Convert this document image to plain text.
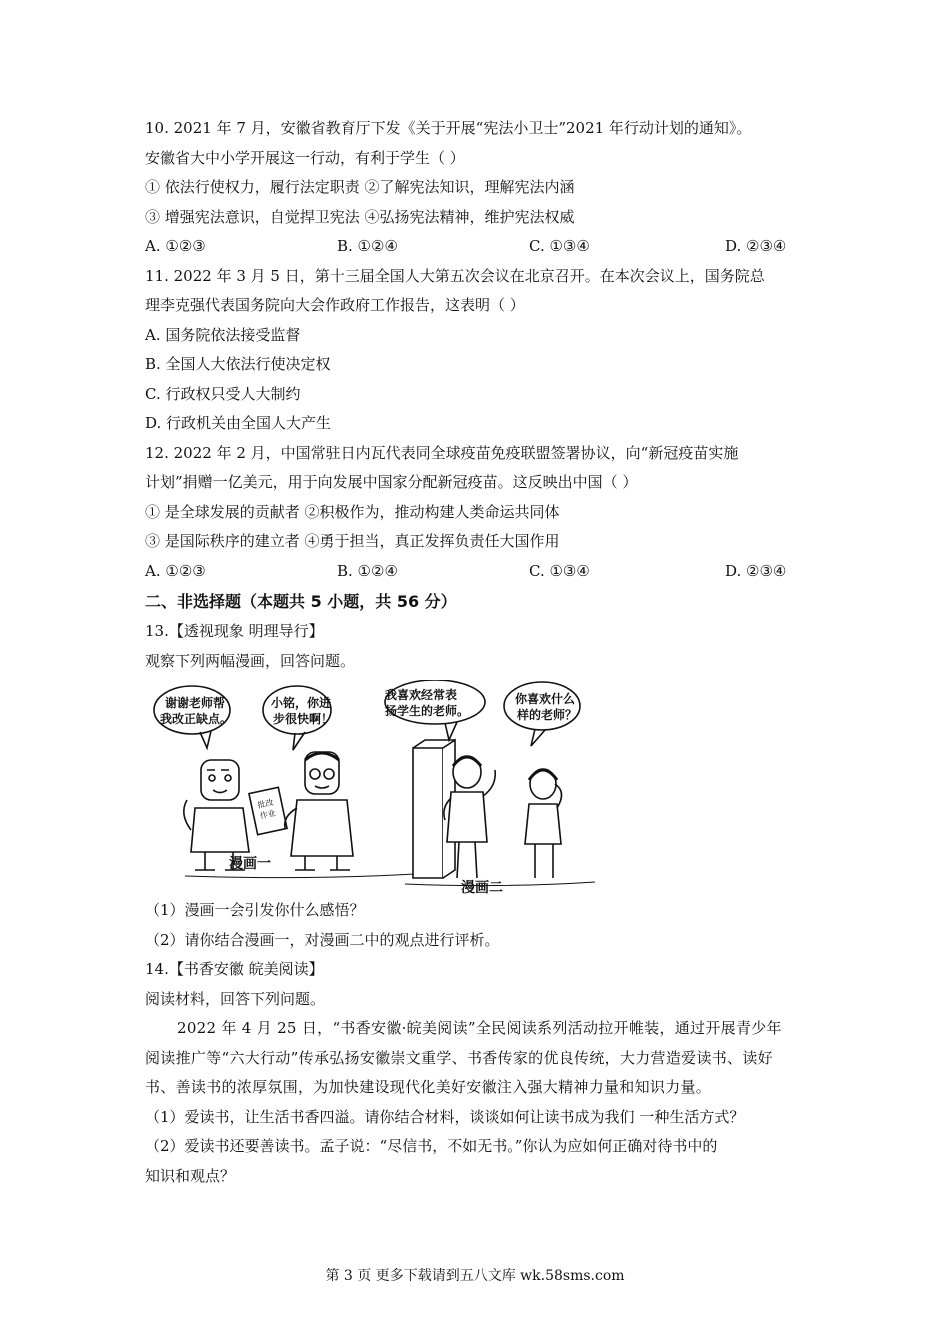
10. 2021 年 7 月，安徽省教育厅下发《关于开展“宪法小卫士”2021 年行动计划的通知》。
安徽省大中小学开展这一行动，有利于学生（ ）
① 依法行使权力，履行法定职责 ②了解宪法知识，理解宪法内涵
③ 增强宪法意识，自觉捍卫宪法 ④弘扬宪法精神，维护宪法权威
A. ①②③	B. ①②④	C. ①③④	D. ②③④
11. 2022 年 3 月 5 日，第十三届全国人大第五次会议在北京召开。在本次会议上，国务院总
理李克强代表国务院向大会作政府工作报告，这表明（ ）
A. 国务院依法接受监督
B. 全国人大依法行使决定权
C. 行政权只受人大制约
D. 行政机关由全国人大产生
12. 2022 年 2 月，中国常驻日内瓦代表同全球疫苗免疫联盟签署协议，向“新冠疫苗实施
计划”捐赠一亿美元，用于向发展中国家分配新冠疫苗。这反映出中国（ ）
① 是全球发展的贡献者 ②积极作为，推动构建人类命运共同体
③ 是国际秩序的建立者 ④勇于担当，真正发挥负责任大国作用
A. ①②③	B. ①②④	C. ①③④	D. ②③④
二、非选择题（本题共 5 小题，共 56 分）
13.【透视现象 明理导行】
观察下列两幅漫画，回答问题。
谢谢老师帮
我改正缺点。
小铭，你进
步很快啊！
我喜欢经常表
扬学生的老师。
你喜欢什么
样的老师？
批改
作业
漫画一
漫画二
（1）漫画一会引发你什么感悟？
（2）请你结合漫画一，对漫画二中的观点进行评析。
14.【书香安徽 皖美阅读】
阅读材料，回答下列问题。
2022 年 4 月 25 日，“书香安徽·皖美阅读”全民阅读系列活动拉开帷装，通过开展青少年阅读推广等“六大行动”传承弘扬安徽崇文重学、书香传家的优良传统，大力营造爱读书、读好书、善读书的浓厚氛围，为加快建设现代化美好安徽注入强大精神力量和知识力量。
（1）爱读书，让生活书香四溢。请你结合材料，谈谈如何让读书成为我们 一种生活方式？
（2）爱读书还要善读书。孟子说：“尽信书，不如无书。”你认为应如何正确对待书中的
知识和观点？
第 3 页 更多下载请到五八文库 wk.58sms.com
